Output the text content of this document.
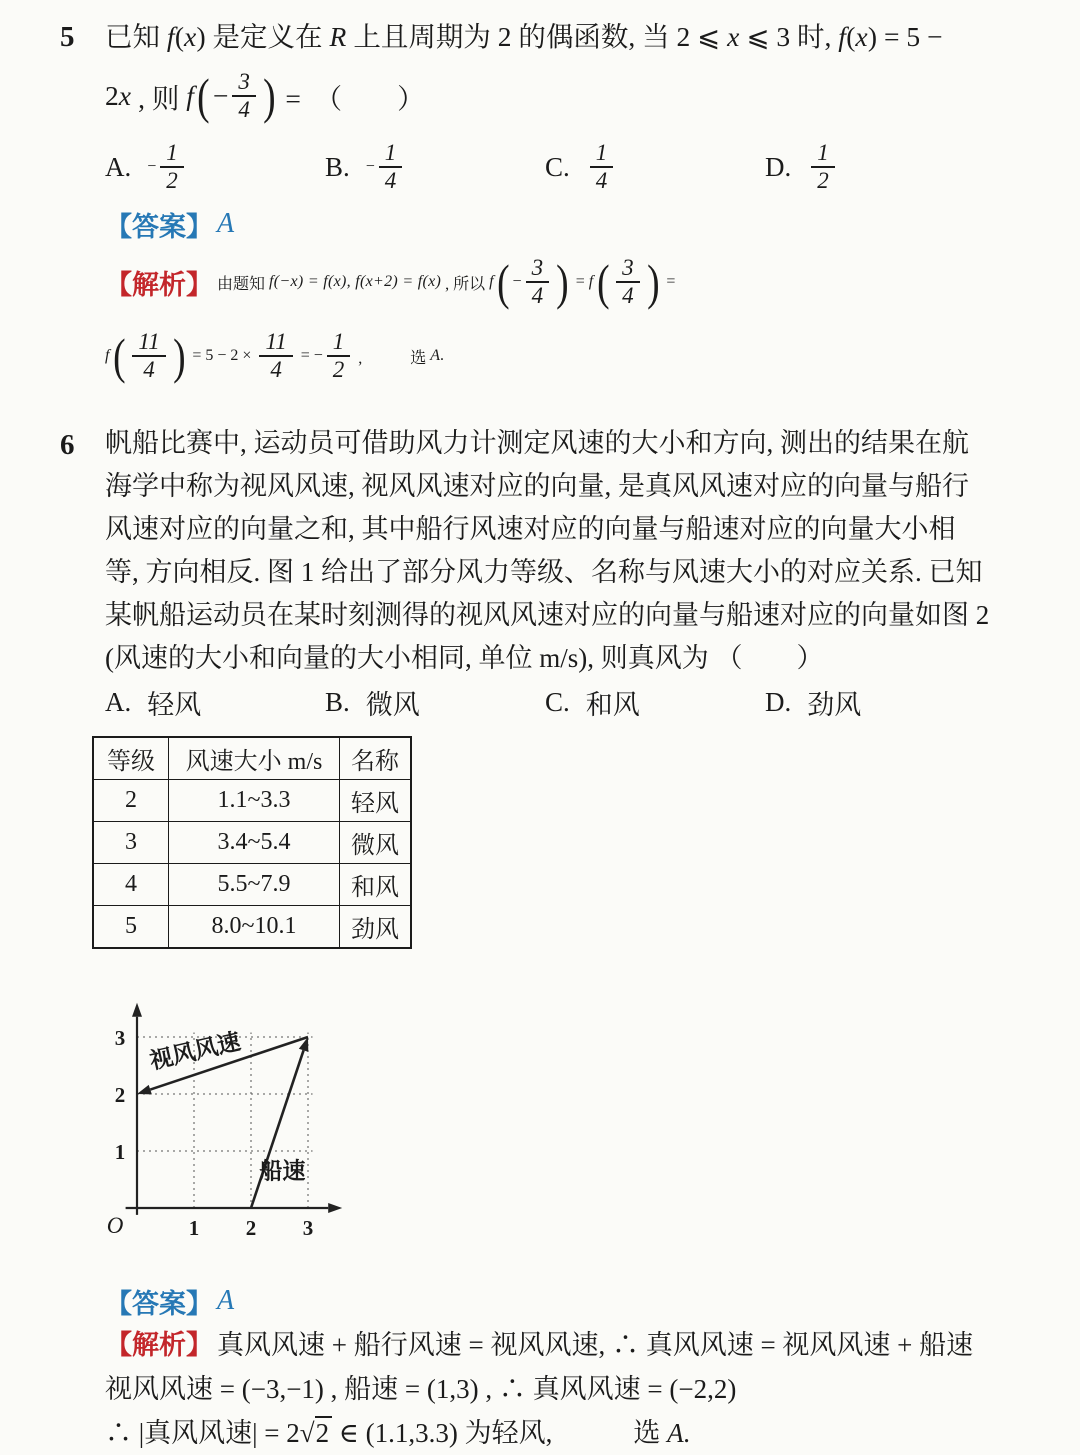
5	已知 f(x) 是定义在 R 上且周期为 2 的偶函数, 当 2 ⩽ x ⩽ 3 时, f(x) = 5 −
2 x , 则 f ( − $\frac{3}{4}$ ) =  （　　）
A. − $\frac{1}{2}$	B. − $\frac{1}{4}$	C. $\frac{1}{4}$	D. $\frac{1}{2}$
【答案】 A
【解析】 由题知 f(−x) = f(x), f(x+2) = f(x) , 所以 f ( − $\frac{3}{4}$ ) = f ( $\frac{3}{4}$ ) =
f ( $\frac{11}{4}$ ) = $5 - 2 \times \frac{11}{4}$ = − $\frac{1}{2}$ ,　　　选 A.
6	帆船比赛中, 运动员可借助风力计测定风速的大小和方向, 测出的结果在航
海学中称为视风风速, 视风风速对应的向量, 是真风风速对应的向量与船行
风速对应的向量之和, 其中船行风速对应的向量与船速对应的向量大小相
等, 方向相反. 图 1 给出了部分风力等级、名称与风速大小的对应关系. 已知
某帆船运动员在某时刻测得的视风风速对应的向量与船速对应的向量如图 2
(风速的大小和向量的大小相同, 单位 m/s), 则真风为 （　　）
A. 轻风	B. 微风	C. 和风	D. 劲风
等级	风速大小 m/s	名称
2	1.1~3.3	轻风
3	3.4~5.4	微风
4	5.5~7.9	和风
5	8.0~10.1	劲风
1 2 3
1
2
3
O
视风风速
船速
【答案】 A
【解析】 真风风速 + 船行风速 = 视风风速, ∴ 真风风速 = 视风风速 + 船速
视风风速 = (−3,−1) , 船速 = (1,3) , ∴ 真风风速 = (−2,2)
∴ |真风风速| = 2 √2 ∈ (1.1,3.3) 为轻风,　　　选 A.
